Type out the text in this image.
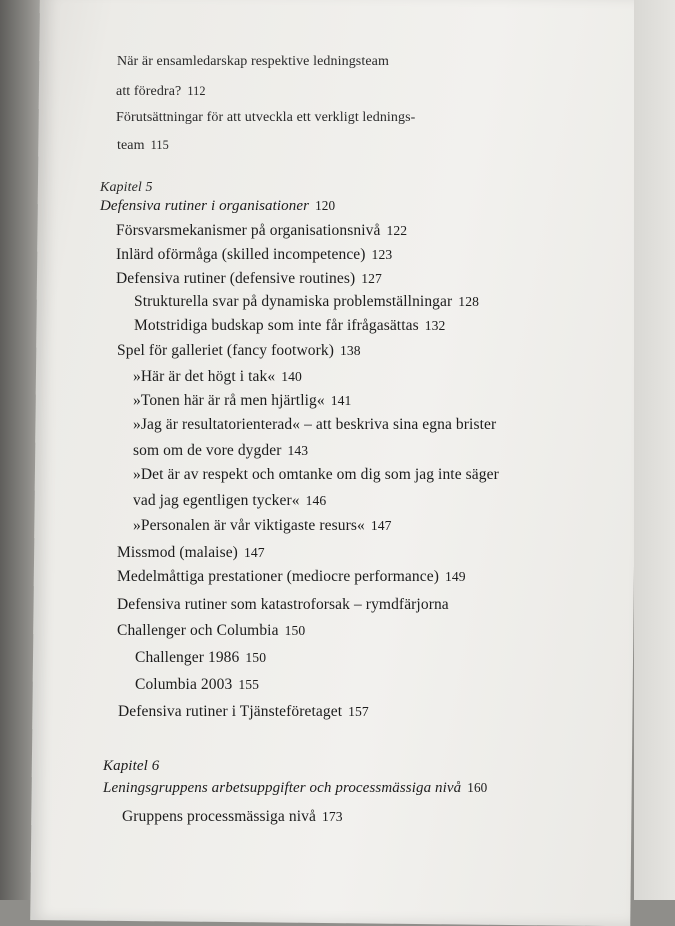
När är ensamledarskap respektive ledningsteam
att föredra? 112
Förutsättningar för att utveckla ett verkligt lednings-
team 115
Kapitel 5
Defensiva rutiner i organisationer 120
Försvarsmekanismer på organisationsnivå 122
Inlärd oförmåga (skilled incompetence) 123
Defensiva rutiner (defensive routines) 127
Strukturella svar på dynamiska problemställningar 128
Motstridiga budskap som inte får ifrågasättas 132
Spel för galleriet (fancy footwork) 138
»Här är det högt i tak« 140
»Tonen här är rå men hjärtlig« 141
»Jag är resultatorienterad« – att beskriva sina egna brister
som om de vore dygder 143
»Det är av respekt och omtanke om dig som jag inte säger
vad jag egentligen tycker« 146
»Personalen är vår viktigaste resurs« 147
Missmod (malaise) 147
Medelmåttiga prestationer (mediocre performance) 149
Defensiva rutiner som katastroforsak – rymdfärjorna
Challenger och Columbia 150
Challenger 1986 150
Columbia 2003 155
Defensiva rutiner i Tjänsteföretaget 157
Kapitel 6
Leningsgruppens arbetsuppgifter och processmässiga nivå 160
Gruppens processmässiga nivå 173
